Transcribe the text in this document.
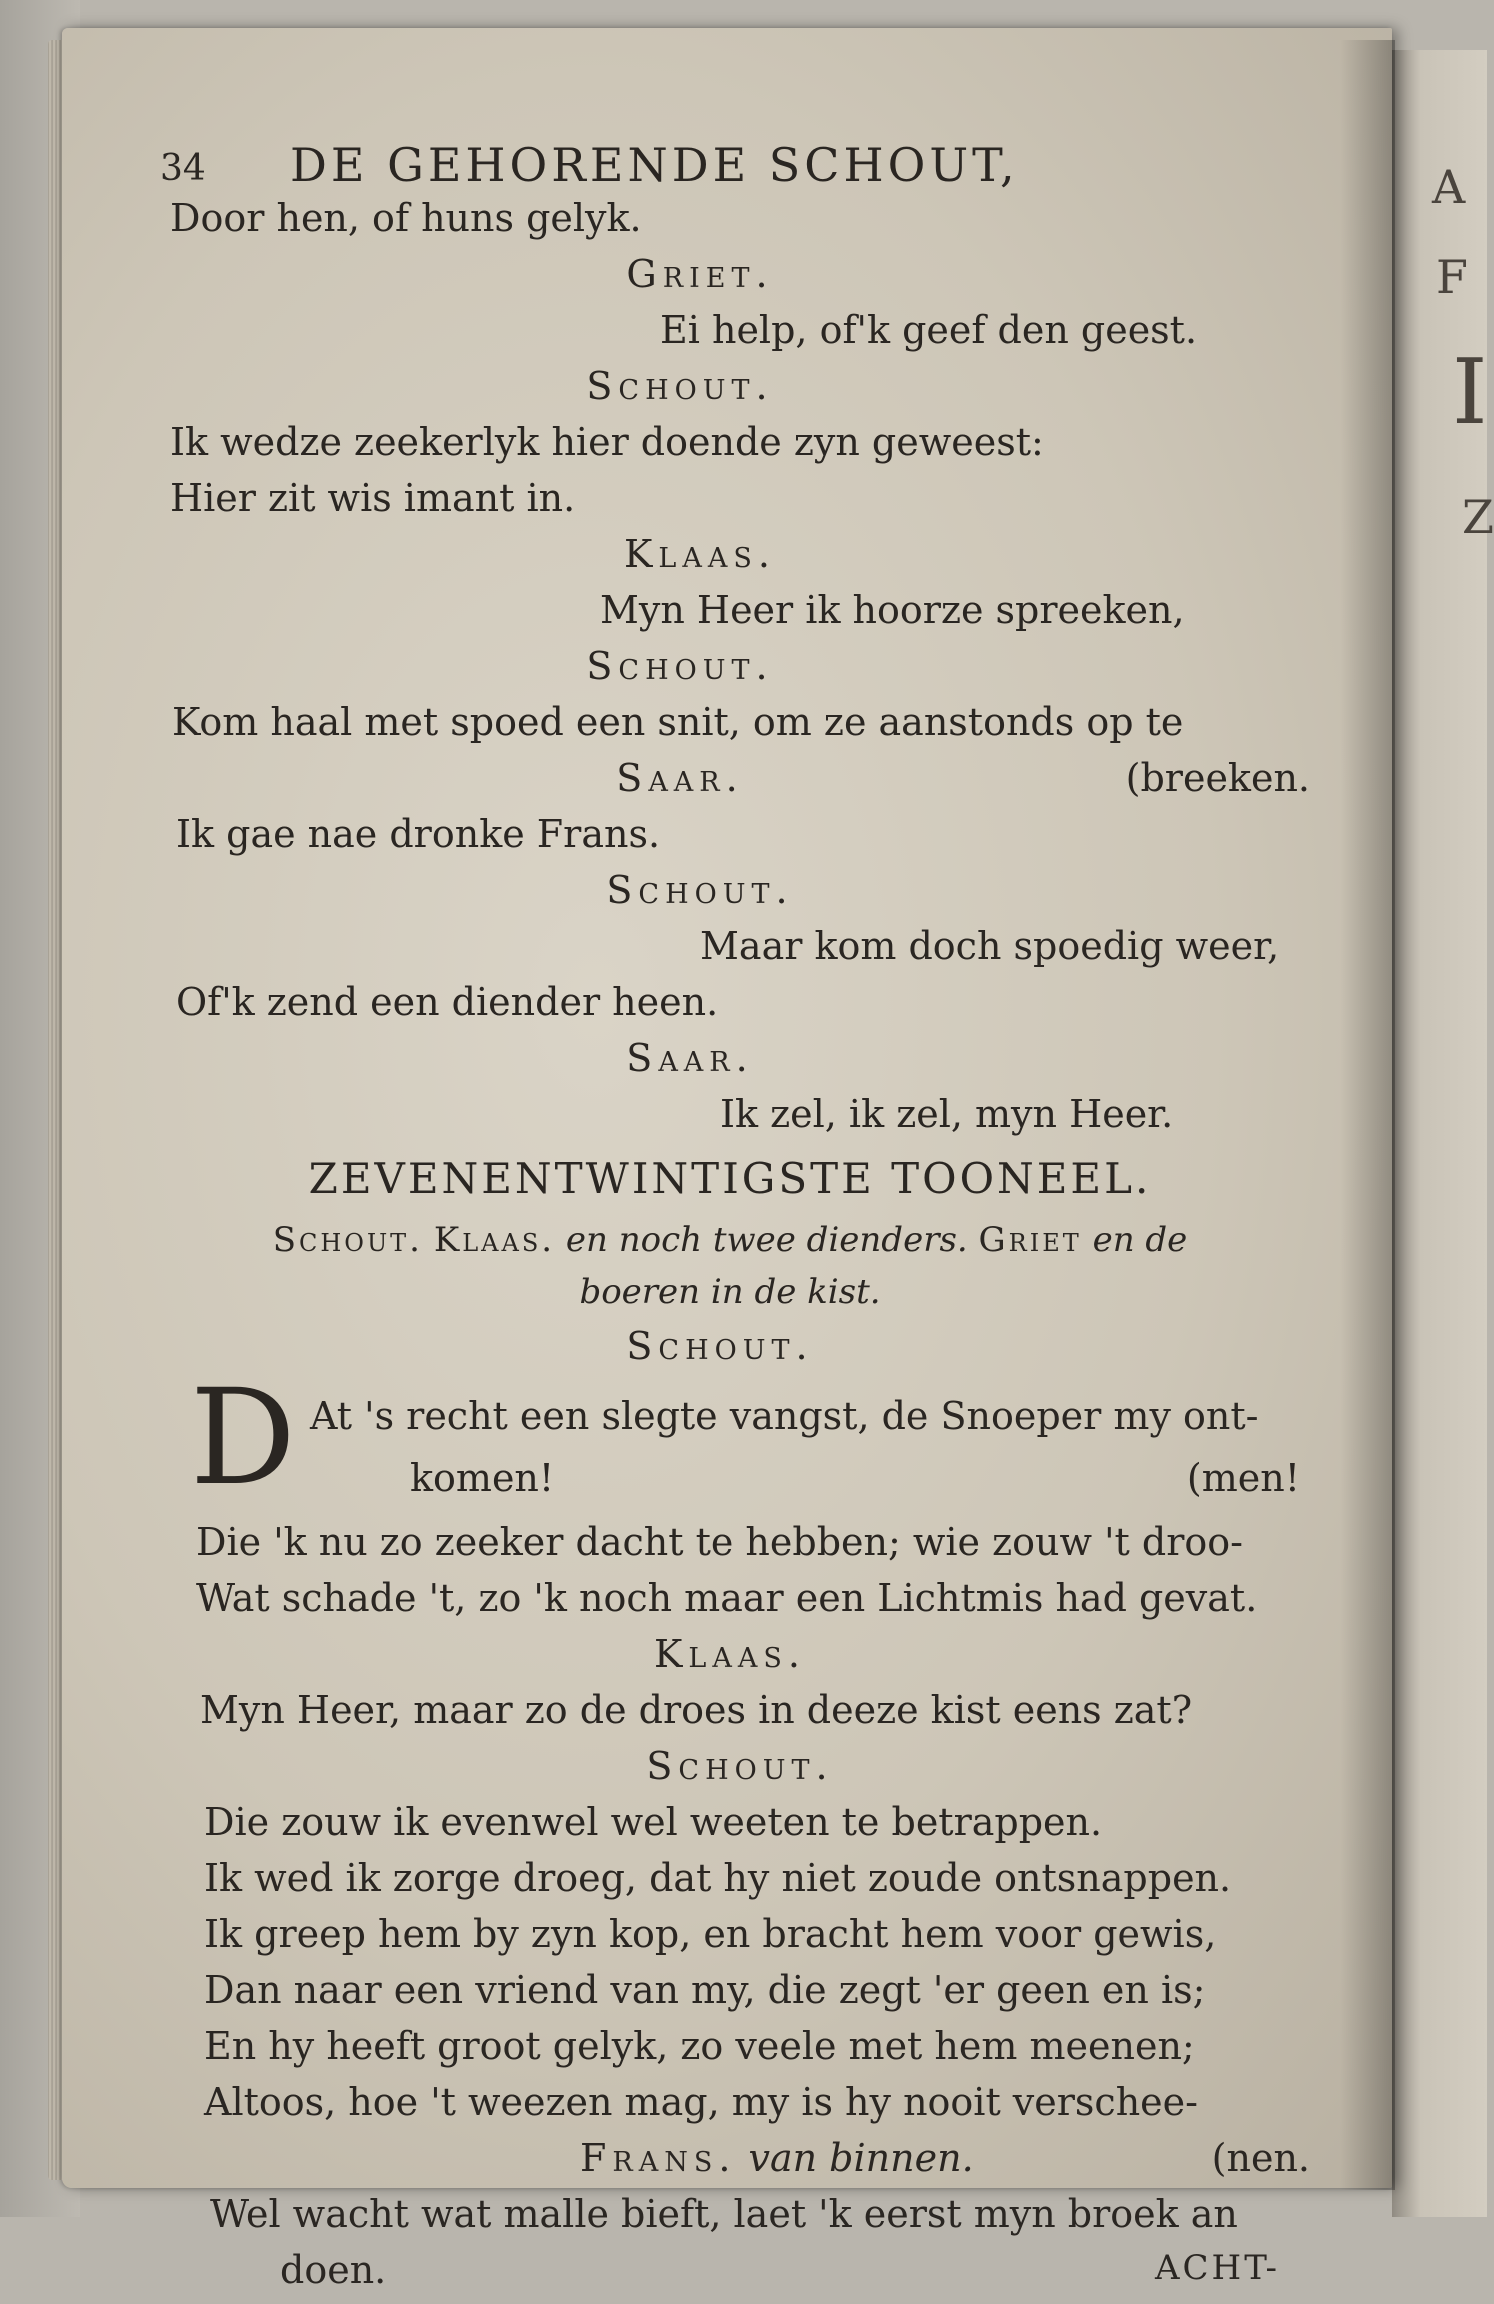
A
F
I
Z
34 DE GEHORENDE SCHOUT,
Door hen, of huns gelyk.
Griet.
Ei help, of'k geef den geest.
Schout.
Ik wedze zeekerlyk hier doende zyn geweest:
Hier zit wis imant in.
Klaas.
Myn Heer ik hoorze spreeken,
Schout.
Kom haal met spoed een snit, om ze aanstonds op te
Saar.	(breeken.
Ik gae nae dronke Frans.
Schout.
Maar kom doch spoedig weer,
Of'k zend een diender heen.
Saar.
Ik zel, ik zel, myn Heer.
ZEVENENTWINTIGSTE TOONEEL.
Schout. Klaas. en noch twee dienders. Griet en de
boeren in de kist.
Schout.
D At 's recht een slegte vangst, de Snoeper my ont-
komen!	(men!
Die 'k nu zo zeeker dacht te hebben; wie zouw 't droo-
Wat schade 't, zo 'k noch maar een Lichtmis had gevat.
Klaas.
Myn Heer, maar zo de droes in deeze kist eens zat?
Schout.
Die zouw ik evenwel wel weeten te betrappen.
Ik wed ik zorge droeg, dat hy niet zoude ontsnappen.
Ik greep hem by zyn kop, en bracht hem voor gewis,
Dan naar een vriend van my, die zegt 'er geen en is;
En hy heeft groot gelyk, zo veele met hem meenen;
Altoos, hoe 't weezen mag, my is hy nooit verschee-
Frans. van binnen.	(nen.
Wel wacht wat malle bieft, laet 'k eerst myn broek an
doen.	ACHT-
